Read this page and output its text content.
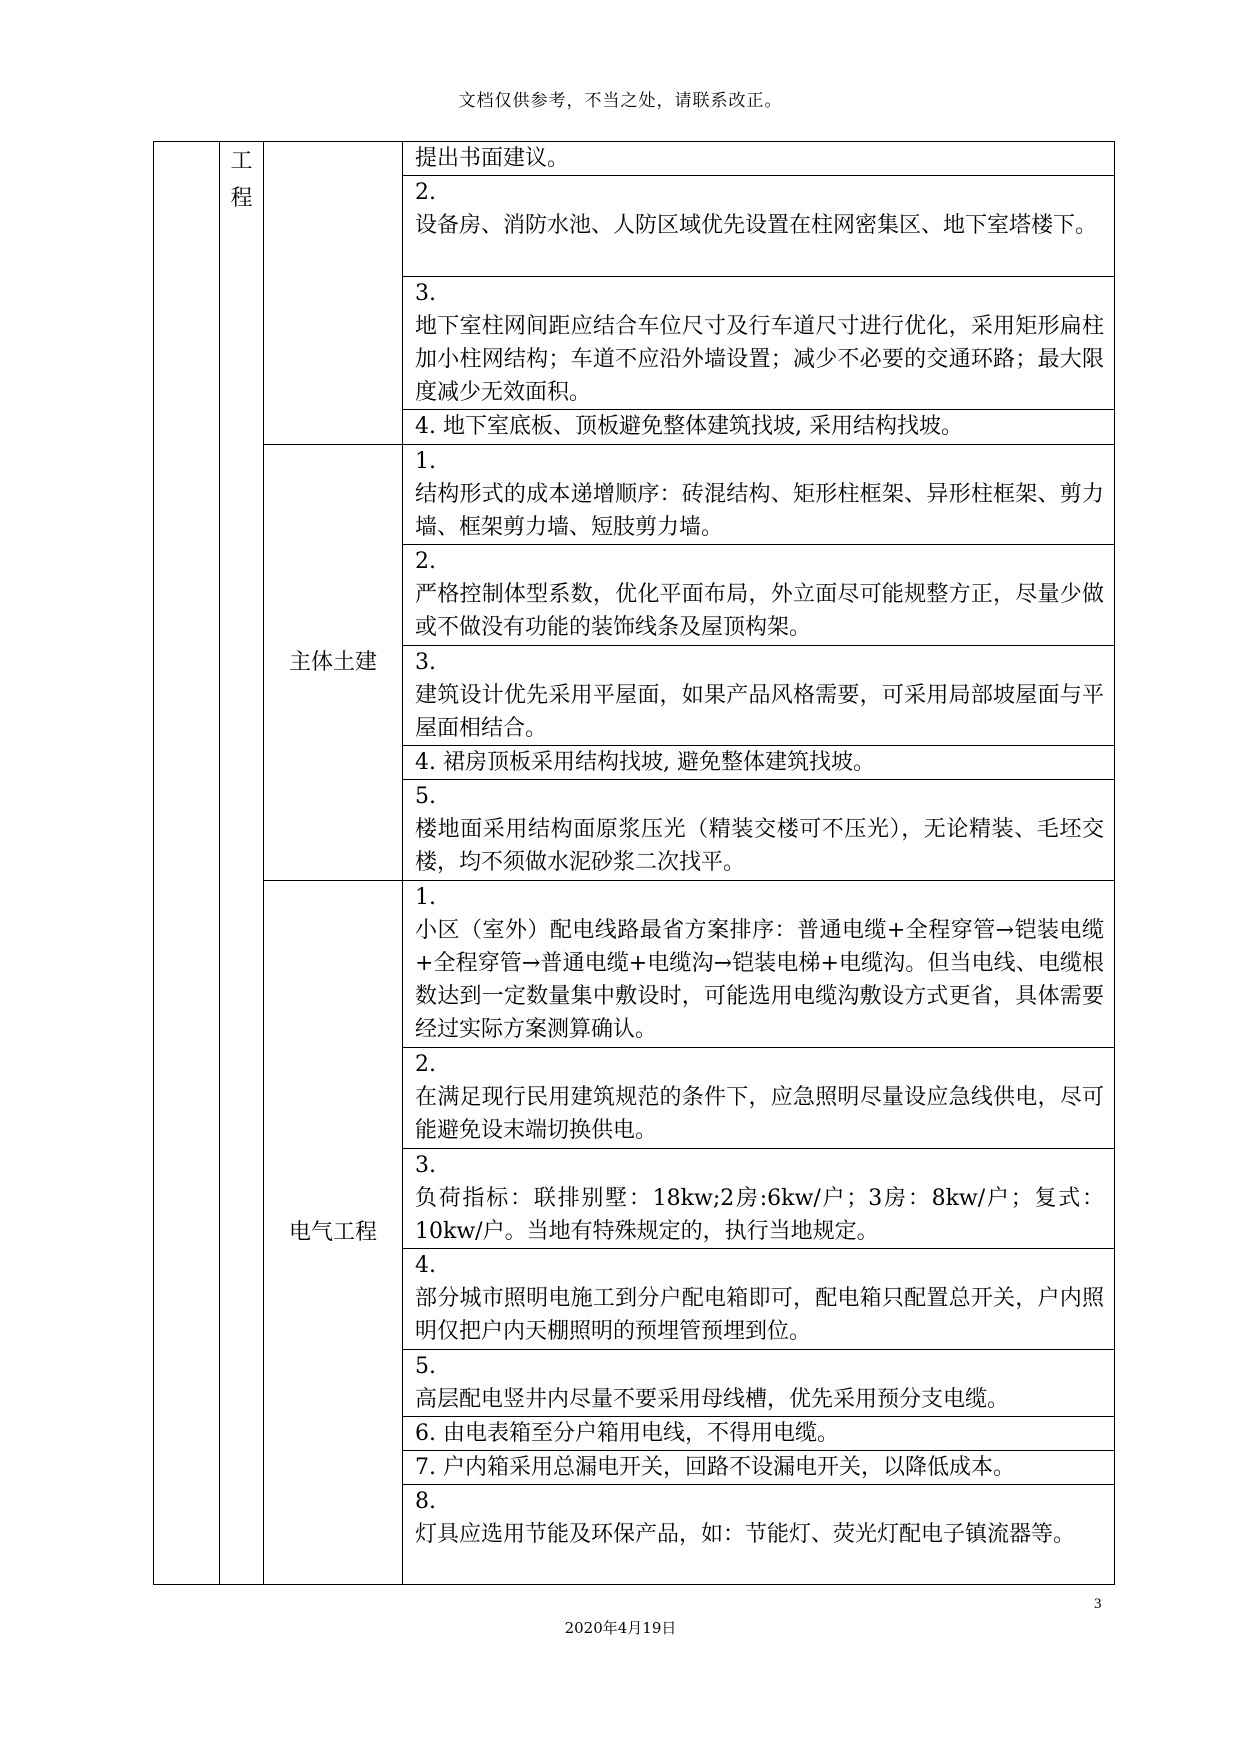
文档仅供参考，不当之处，请联系改正。

	工
程		提出书面建议。

			2.
设备房、消防水池、人防区域优先设置在柱网密集区、地下室塔楼下。

			3.
地下室柱网间距应结合车位尺寸及行车道尺寸进行优化，采用矩形扁柱加小柱网结构；车道不应沿外墙设置；减少不必要的交通环路；最大限度减少无效面积。

			4. 地下室底板、顶板避免整体建筑找坡, 采用结构找坡。

		主体土建	1.
结构形式的成本递增顺序：砖混结构、矩形柱框架、异形柱框架、剪力墙、框架剪力墙、短肢剪力墙。

			2.
严格控制体型系数，优化平面布局，外立面尽可能规整方正，尽量少做或不做没有功能的装饰线条及屋顶构架。

			3.
建筑设计优先采用平屋面，如果产品风格需要，可采用局部坡屋面与平屋面相结合。

			4. 裙房顶板采用结构找坡, 避免整体建筑找坡。

			5.
楼地面采用结构面原浆压光（精装交楼可不压光），无论精装、毛坯交楼，均不须做水泥砂浆二次找平。

		电气工程	1.
小区（室外）配电线路最省方案排序：普通电缆+全程穿管→铠装电缆+全程穿管→普通电缆+电缆沟→铠装电梯+电缆沟。但当电线、电缆根数达到一定数量集中敷设时，可能选用电缆沟敷设方式更省，具体需要经过实际方案测算确认。

			2.
在满足现行民用建筑规范的条件下，应急照明尽量设应急线供电，尽可能避免设末端切换供电。

			3.
负荷指标：联排别墅：18kw;2房:6kw/户；3房：8kw/户；复式：10kw/户。当地有特殊规定的，执行当地规定。

			4.
部分城市照明电施工到分户配电箱即可，配电箱只配置总开关，户内照明仅把户内天棚照明的预埋管预埋到位。

			5.
高层配电竖井内尽量不要采用母线槽，优先采用预分支电缆。

			6. 由电表箱至分户箱用电线，不得用电缆。

			7. 户内箱采用总漏电开关，回路不设漏电开关，以降低成本。

			8.
灯具应选用节能及环保产品，如：节能灯、荧光灯配电子镇流器等。
3
2020年4月19日
